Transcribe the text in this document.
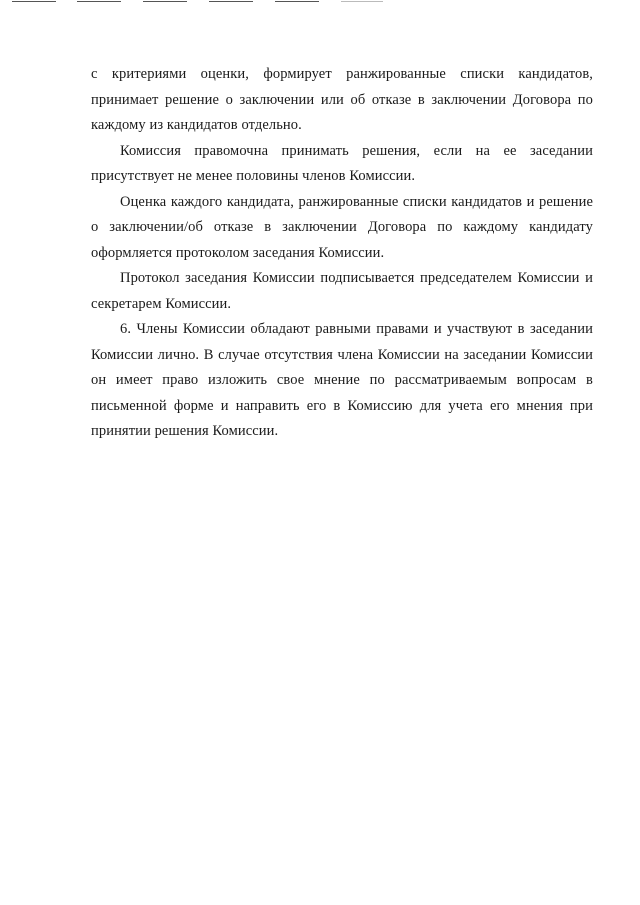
с критериями оценки, формирует ранжированные списки кандидатов, принимает решение о заключении или об отказе в заключении Договора по каждому из кандидатов отдельно.

Комиссия правомочна принимать решения, если на ее заседании присутствует не менее половины членов Комиссии.

Оценка каждого кандидата, ранжированные списки кандидатов и решение о заключении/об отказе в заключении Договора по каждому кандидату оформляется протоколом заседания Комиссии.

Протокол заседания Комиссии подписывается председателем Комиссии и секретарем Комиссии.

6. Члены Комиссии обладают равными правами и участвуют в заседании Комиссии лично. В случае отсутствия члена Комиссии на заседании Комиссии он имеет право изложить свое мнение по рассматриваемым вопросам в письменной форме и направить его в Комиссию для учета его мнения при принятии решения Комиссии.
